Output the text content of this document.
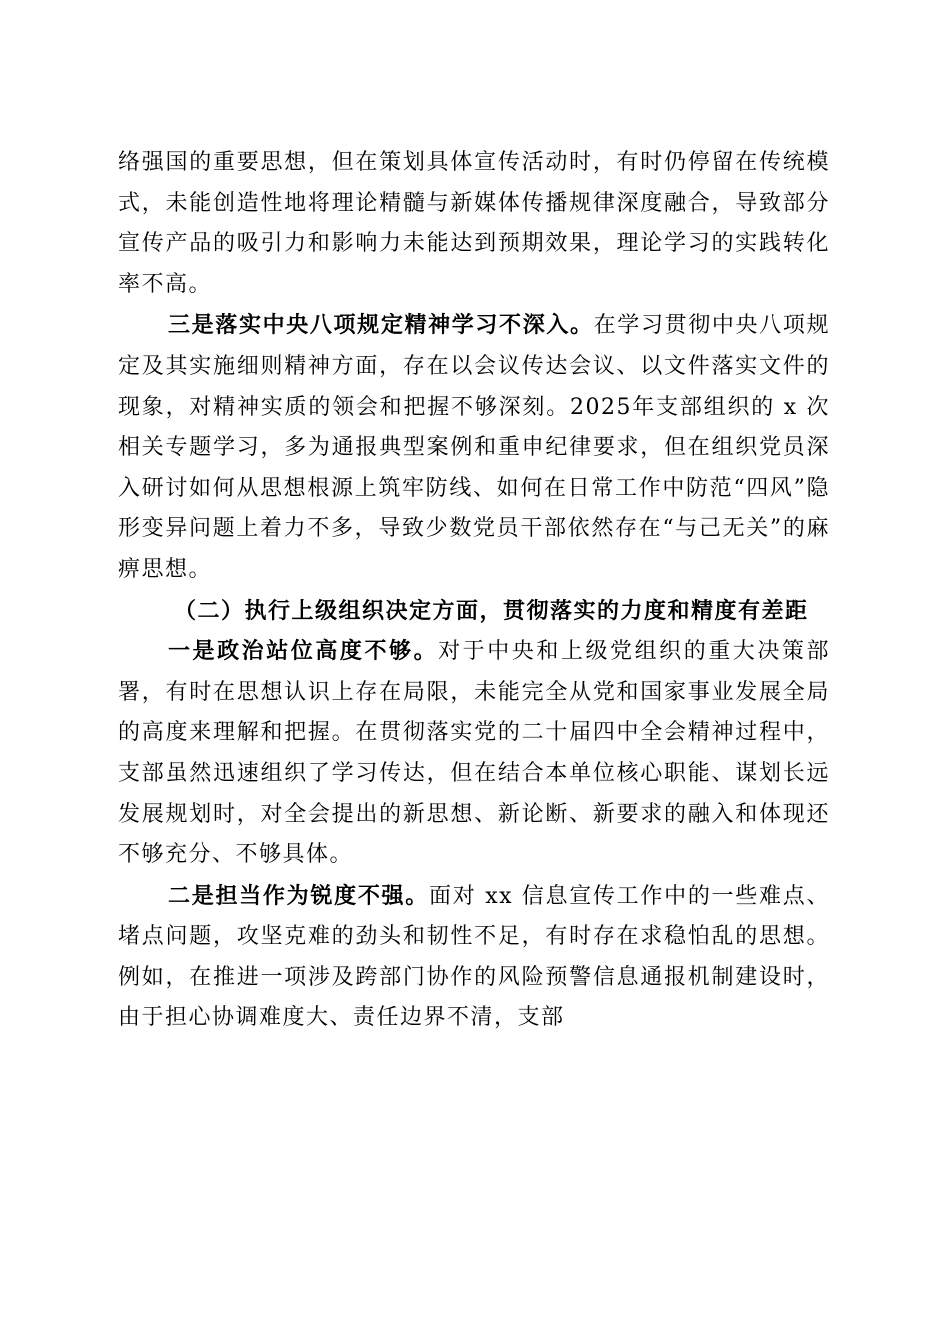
络强国的重要思想，但在策划具体宣传活动时，有时仍停留在传统模式，未能创造性地将理论精髓与新媒体传播规律深度融合，导致部分宣传产品的吸引力和影响力未能达到预期效果，理论学习的实践转化率不高。

三是落实中央八项规定精神学习不深入。在学习贯彻中央八项规定及其实施细则精神方面，存在以会议传达会议、以文件落实文件的现象，对精神实质的领会和把握不够深刻。2025年支部组织的 x 次相关专题学习，多为通报典型案例和重申纪律要求，但在组织党员深入研讨如何从思想根源上筑牢防线、如何在日常工作中防范“四风”隐形变异问题上着力不多，导致少数党员干部依然存在“与己无关”的麻痹思想。

（二）执行上级组织决定方面，贯彻落实的力度和精度有差距

一是政治站位高度不够。对于中央和上级党组织的重大决策部署，有时在思想认识上存在局限，未能完全从党和国家事业发展全局的高度来理解和把握。在贯彻落实党的二十届四中全会精神过程中，支部虽然迅速组织了学习传达，但在结合本单位核心职能、谋划长远发展规划时，对全会提出的新思想、新论断、新要求的融入和体现还不够充分、不够具体。

二是担当作为锐度不强。面对 xx 信息宣传工作中的一些难点、堵点问题，攻坚克难的劲头和韧性不足，有时存在求稳怕乱的思想。例如，在推进一项涉及跨部门协作的风险预警信息通报机制建设时，由于担心协调难度大、责任边界不清，支部
